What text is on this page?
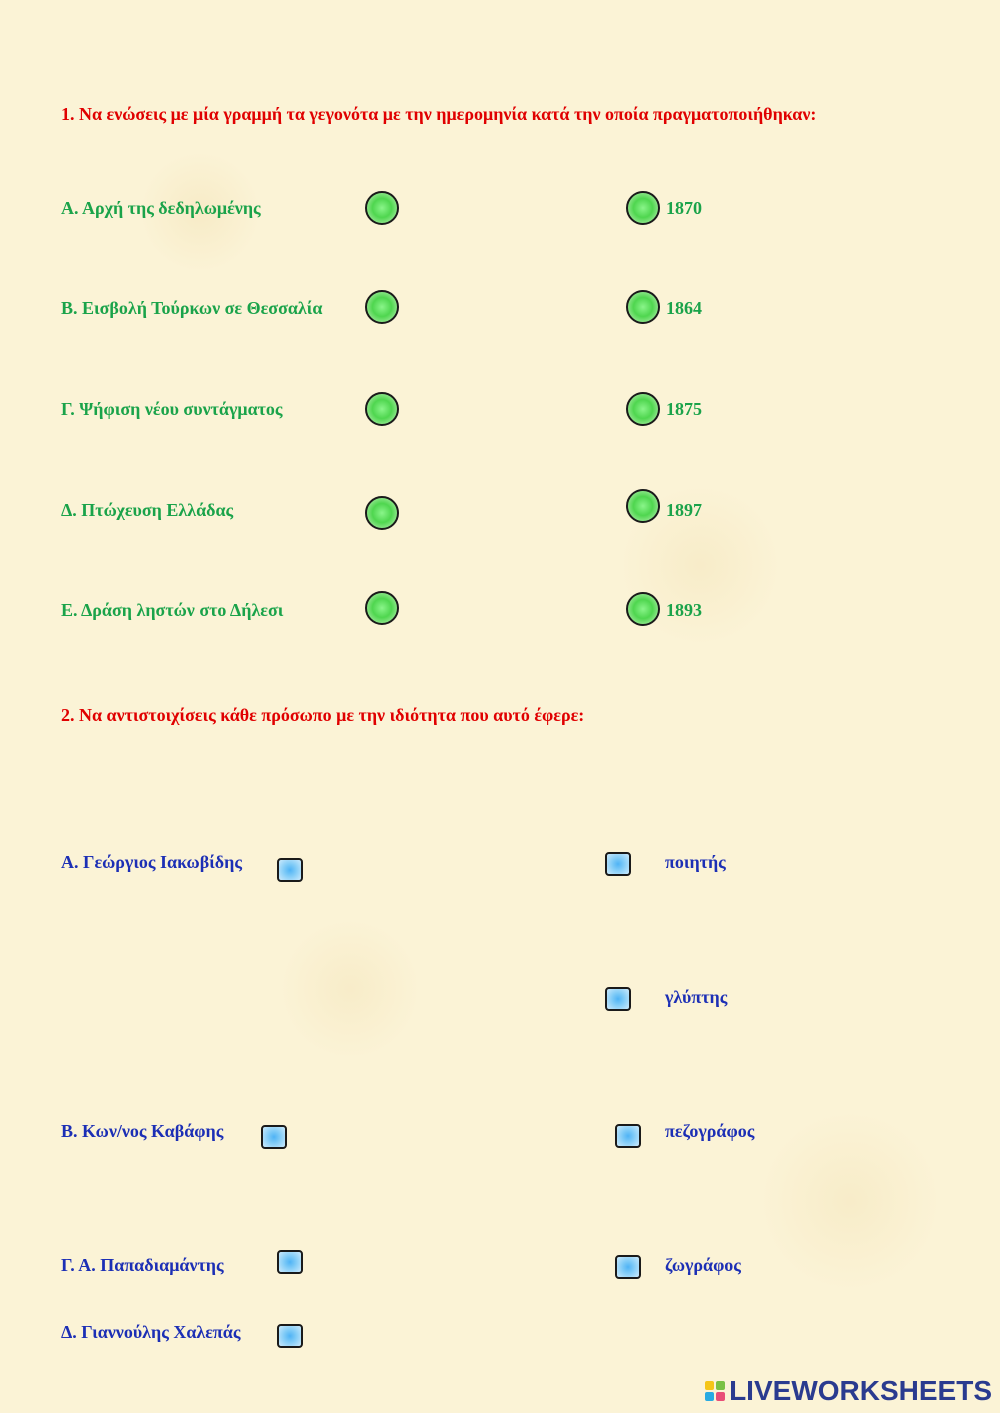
1. Να ενώσεις με μία γραμμή τα γεγονότα με την ημερομηνία κατά την οποία πραγματοποιήθηκαν:
Α. Αρχή της δεδηλωμένης
Β. Εισβολή Τούρκων σε Θεσσαλία
Γ. Ψήφιση νέου συντάγματος
Δ. Πτώχευση Ελλάδας
Ε. Δράση ληστών στο Δήλεσι
1870
1864
1875
1897
1893
2. Να αντιστοιχίσεις κάθε πρόσωπο με την ιδιότητα που αυτό έφερε:
Α. Γεώργιος Ιακωβίδης
Β. Κων/νος Καβάφης
Γ. Α. Παπαδιαμάντης
Δ. Γιαννούλης Χαλεπάς
ποιητής
γλύπτης
πεζογράφος
ζωγράφος
LIVEWORKSHEETS
